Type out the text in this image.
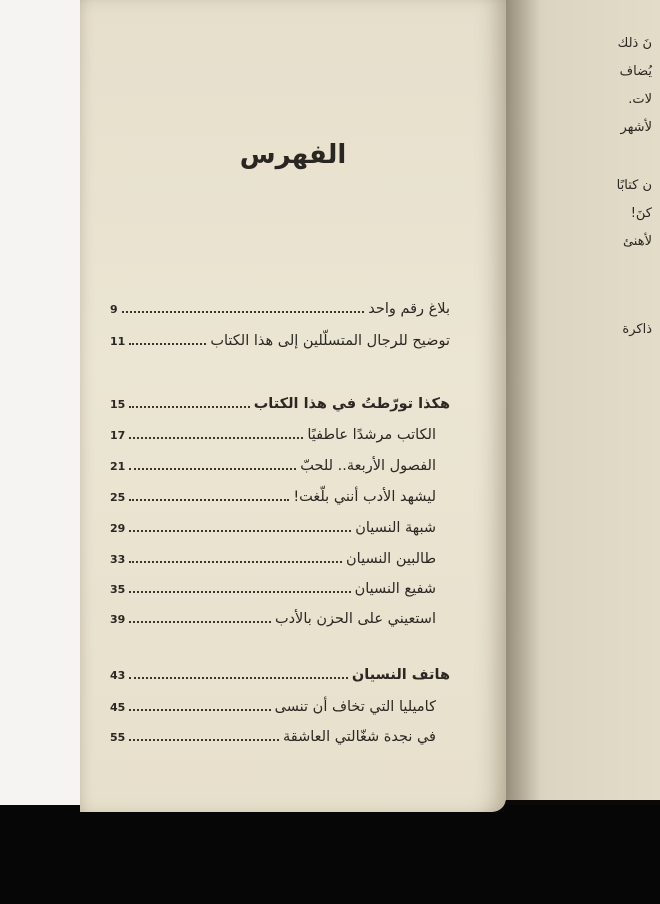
نَ ذلك
يُضاف
لات.
لأشهر
ن كتابًا
كنَ!
لأهنئ
ذاكرة
الفهرس
بلاغ رقم واحد
9
توضيح للرجال المتسلّلين إلى هذا الكتاب
11
هكذا تورّطتُ في هذا الكتاب
15
الكاتب مرشدًا عاطفيًا
17
الفصول الأربعة.. للحبّ
21
ليشهد الأدب أنني بلّغت!
25
شبهة النسيان
29
طالبين النسيان
33
شفيع النسيان
35
استعيني على الحزن بالأدب
39
هاتف النسيان
43
كاميليا التي تخاف أن تنسى
45
في نجدة شغّالتي العاشقة
55
